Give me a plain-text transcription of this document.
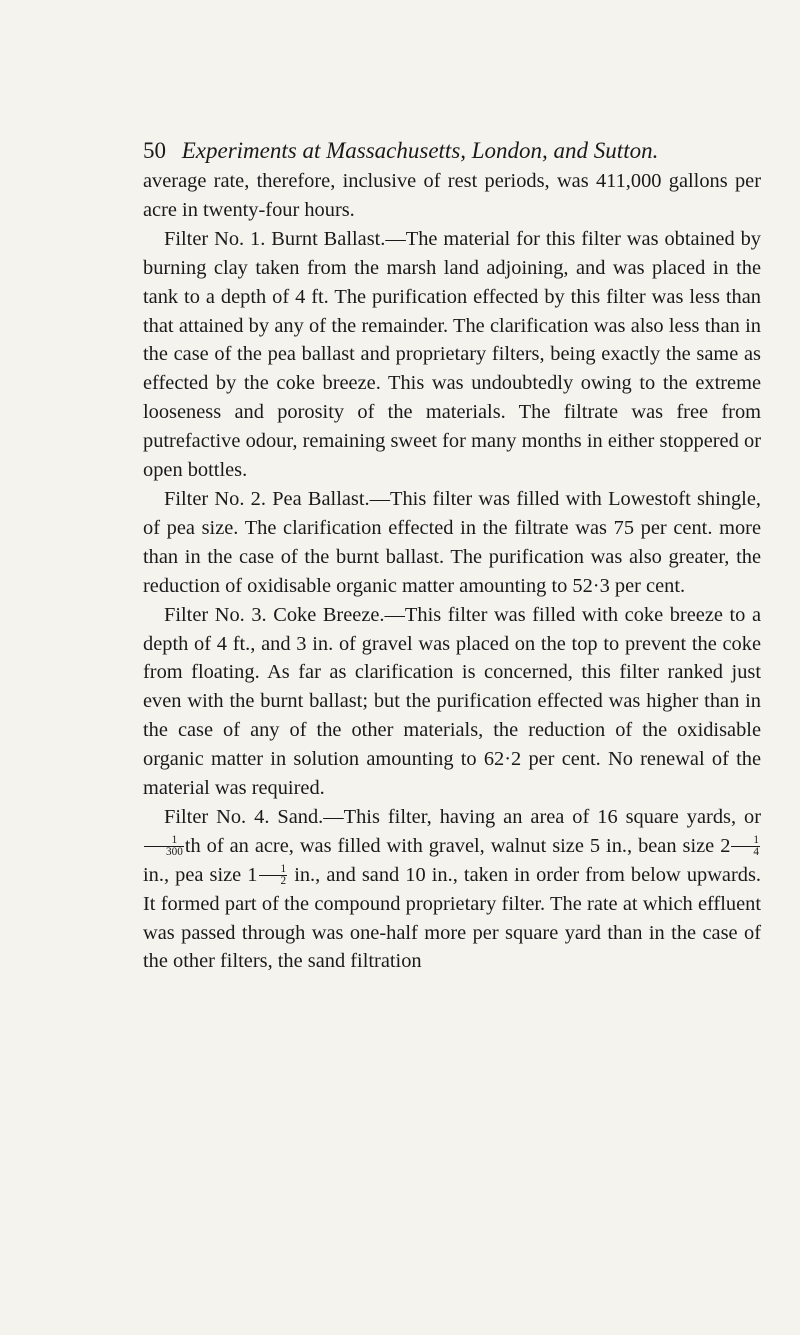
50 Experiments at Massachusetts, London, and Sutton.

average rate, therefore, inclusive of rest periods, was 411,000 gallons per acre in twenty-four hours.

Filter No. 1. Burnt Ballast.—The material for this filter was obtained by burning clay taken from the marsh land adjoining, and was placed in the tank to a depth of 4 ft. The purification effected by this filter was less than that attained by any of the remainder. The clarification was also less than in the case of the pea ballast and proprietary filters, being exactly the same as effected by the coke breeze. This was undoubtedly owing to the extreme looseness and porosity of the materials. The filtrate was free from putrefactive odour, remaining sweet for many months in either stoppered or open bottles.

Filter No. 2. Pea Ballast.—This filter was filled with Lowestoft shingle, of pea size. The clarification effected in the filtrate was 75 per cent. more than in the case of the burnt ballast. The purification was also greater, the reduction of oxidisable organic matter amounting to 52·3 per cent.

Filter No. 3. Coke Breeze.—This filter was filled with coke breeze to a depth of 4 ft., and 3 in. of gravel was placed on the top to prevent the coke from floating. As far as clarification is concerned, this filter ranked just even with the burnt ballast; but the purification effected was higher than in the case of any of the other materials, the reduction of the oxidisable organic matter in solution amounting to 62·2 per cent. No renewal of the material was required.

Filter No. 4. Sand.—This filter, having an area of 16 square yards, or
$\frac{1}{300}$ th of an acre, was filled with gravel, walnut size 5 in., bean size $2 \frac{1}{4}$
in., pea size $1 \frac{1}{2}$ in., and sand 10 in., taken in order from below upwards. It formed part of the compound proprietary filter. The rate at which effluent was passed through was one-half more per square yard than in the case of the other filters, the sand filtration
